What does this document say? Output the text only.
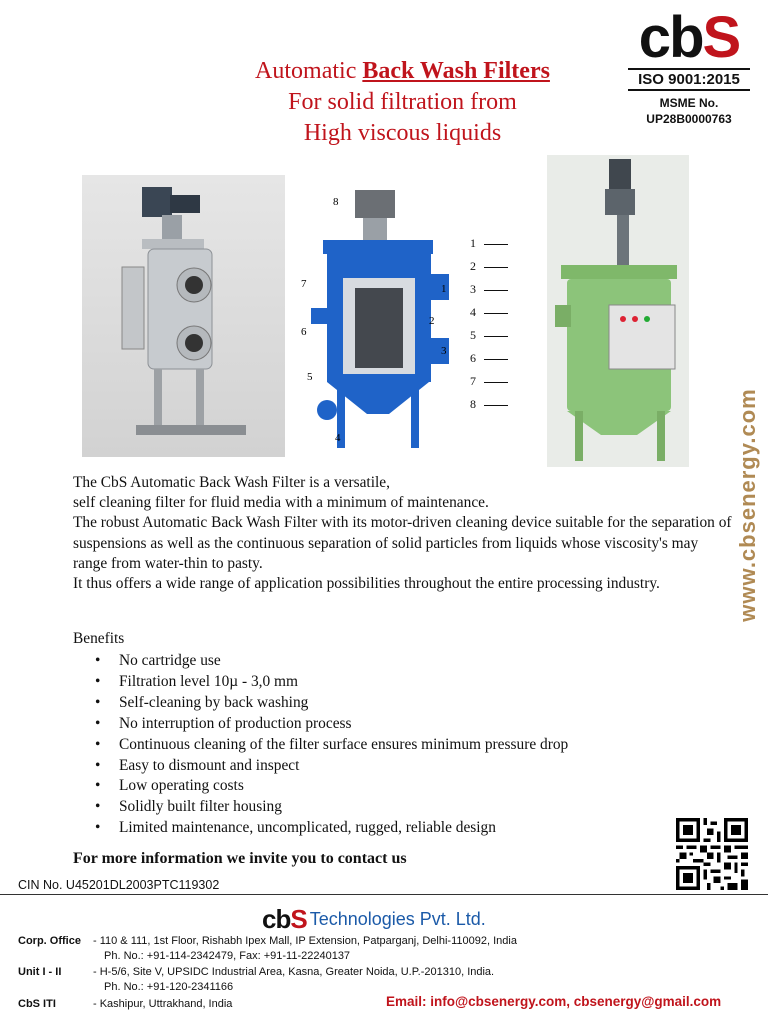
Automatic Back Wash Filters
For solid filtration from
High viscous liquids
cbS
ISO 9001:2015
MSME No.
UP28B0000763
www.cbsenergy.com
8
7
6
5
4
1
2
3
1
2
3
4
5
6
7
8

The CbS Automatic Back Wash Filter is a versatile,

self cleaning filter for fluid media with a minimum of maintenance.

The robust Automatic Back Wash Filter with its motor-driven cleaning device suitable for the separation of suspensions as well as the continuous separation of solid particles from liquids whose viscosity's may range from water-thin to pasty.

It thus offers a wide range of application possibilities throughout the entire processing industry.

Benefits
• No cartridge use
• Filtration level 10µ - 3,0 mm
• Self-cleaning by back washing
• No interruption of production process
• Continuous cleaning of the filter surface ensures minimum pressure drop
• Easy to dismount and inspect
• Low operating costs
• Solidly built filter housing
• Limited maintenance, uncomplicated, rugged, reliable design
For more information we invite you to contact us
CIN No. U45201DL2003PTC119302
cbS Technologies Pvt. Ltd.
Corp. Office - 110 & 111, 1st Floor, Rishabh Ipex Mall, IP Extension, Patparganj, Delhi-110092, India
Ph. No.: +91-114-2342479, Fax: +91-11-22240137
Unit I - II	- H-5/6, Site V, UPSIDC Industrial Area, Kasna, Greater Noida, U.P.-201310, India.
Ph. No.: +91-120-2341166
CbS ITI	- Kashipur, Uttrakhand, India	Email: info@cbsenergy.com, cbsenergy@gmail.com
